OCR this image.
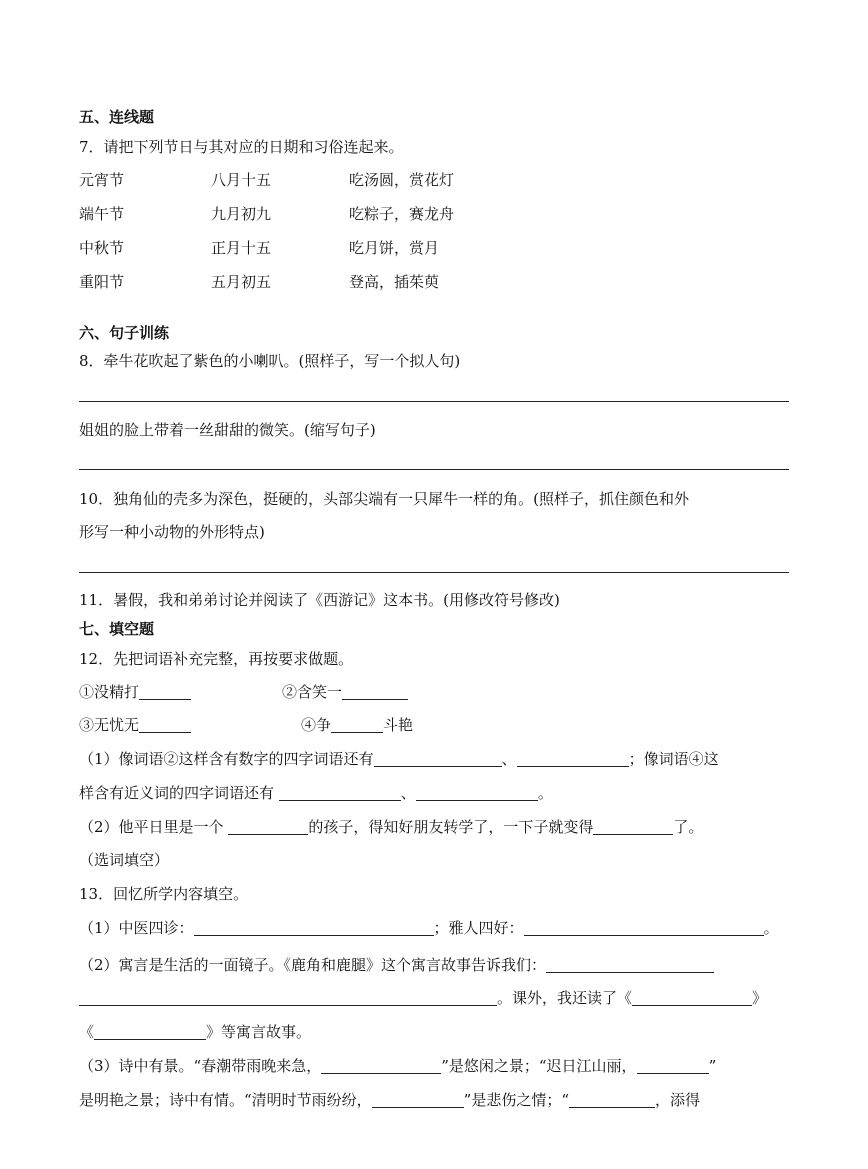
五、连线题
7．请把下列节日与其对应的日期和习俗连起来。
元宵节	八月十五	吃汤圆，赏花灯
端午节	九月初九	吃粽子，赛龙舟
中秋节	正月十五	吃月饼，赏月
重阳节	五月初五	登高，插茱萸
六、句子训练
8．牵牛花吹起了紫色的小喇叭。(照样子，写一个拟人句)
姐姐的脸上带着一丝甜甜的微笑。(缩写句子)
10．独角仙的壳多为深色，挺硬的，头部尖端有一只犀牛一样的角。(照样子，抓住颜色和外
形写一种小动物的外形特点)
11．暑假，我和弟弟讨论并阅读了《西游记》这本书。(用修改符号修改)
七、填空题
12．先把词语补充完整，再按要求做题。
①没精打	②含笑一
③无忧无	④争	斗艳
（1）像词语②这样含有数字的四字词语还有	、	；像词语④这
样含有近义词的四字词语还有	、	。
（2）他平日里是一个	的孩子，得知好朋友转学了，一下子就变得	了。
（选词填空）
13．回忆所学内容填空。
（1）中医四诊：	；雅人四好：	。
（2）寓言是生活的一面镜子。《鹿角和鹿腿》这个寓言故事告诉我们：
。课外，我还读了《	》
《	》等寓言故事。
（3）诗中有景。“春潮带雨晚来急，	”是悠闲之景；“迟日江山丽，	”
是明艳之景；诗中有情。“清明时节雨纷纷，	”是悲伤之情；“	，添得
